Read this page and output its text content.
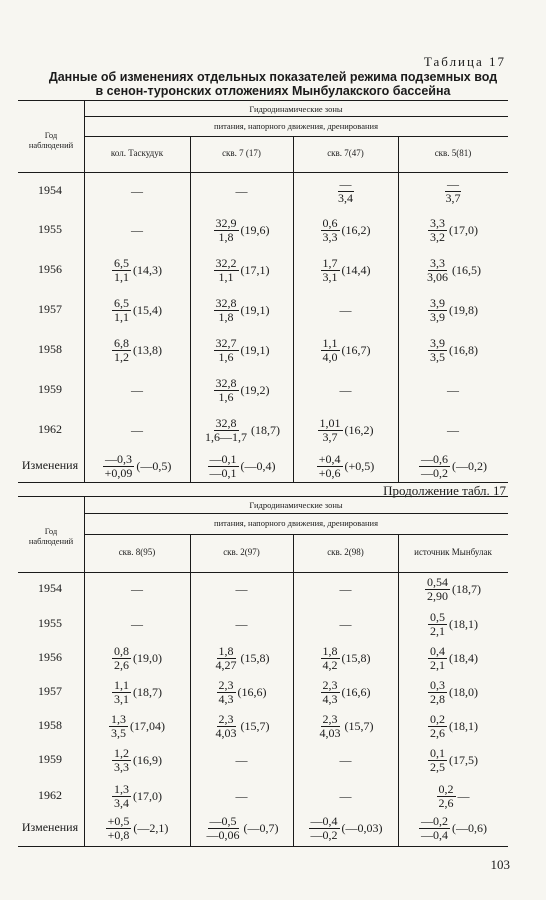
Таблица 17
Данные об изменениях отдельных показателей режима подземных вод
в сенон-туронских отложениях Мынбулакского бассейна
Продолжение табл. 17
103
Год
наблюдений
Гидродинамические зоны
питания, напорного движения, дренирования
кол. Таскудук	скв. 7 (17)	скв. 7(47)	скв. 5(81)
1954	—	—	$\frac{—}{3,4}$	$\frac{—}{3,7}$
1955	—	$\frac{32,9}{1,8} (19,6)$	$\frac{0,6}{3,3} (16,2)$	$\frac{3,3}{3,2} (17,0)$
1956	$\frac{6,5}{1,1} (14,3)$	$\frac{32,2}{1,1} (17,1)$	$\frac{1,7}{3,1} (14,4)$	$\frac{3,3}{3,06} (16,5)$
1957	$\frac{6,5}{1,1} (15,4)$	$\frac{32,8}{1,8} (19,1)$	—	$\frac{3,9}{3,9} (19,8)$
1958	$\frac{6,8}{1,2} (13,8)$	$\frac{32,7}{1,6} (19,1)$	$\frac{1,1}{4,0} (16,7)$	$\frac{3,9}{3,5} (16,8)$
1959	—	$\frac{32,8}{1,6} (19,2)$	—	—
1962	—	$\frac{32,8}{1,6—1,7} (18,7)$	$\frac{1,01}{3,7} (16,2)$	—
Изменения	$\frac{—0,3}{+0,09}$ (—0,5)	$\frac{—0,1}{—0,1}$ (—0,4)	$\frac{+0,4}{+0,6} (+0,5)$	$\frac{—0,6}{—0,2}$ (—0,2)
Год
наблюдений
Гидродинамические зоны
питания, напорного движения, дренирования
скв. 8(95)	скв. 2(97)	скв. 2(98)	источник Мынбулак
1954	—	—	—	$\frac{0,54}{2,90} (18,7)$
1955	—	—	—	$\frac{0,5}{2,1} (18,1)$
1956	$\frac{0,8}{2,6} (19,0)$	$\frac{1,8}{4,27} (15,8)$	$\frac{1,8}{4,2} (15,8)$	$\frac{0,4}{2,1} (18,4)$
1957	$\frac{1,1}{3,1} (18,7)$	$\frac{2,3}{4,3} (16,6)$	$\frac{2,3}{4,3} (16,6)$	$\frac{0,3}{2,8} (18,0)$
1958	$\frac{1,3}{3,5} (17,04)$	$\frac{2,3}{4,03} (15,7)$	$\frac{2,3}{4,03} (15,7)$	$\frac{0,2}{2,6} (18,1)$
1959	$\frac{1,2}{3,3} (16,9)$	—	—	$\frac{0,1}{2,5} (17,5)$
1962	$\frac{1,3}{3,4} (17,0)$	—	—	$\frac{0,2}{2,6}$ —
Изменения	$\frac{+0,5}{+0,8}$ (—2,1)	$\frac{—0,5}{—0,06}$ (—0,7)	$\frac{—0,4}{—0,2}$ (—0,03)	$\frac{—0,2}{—0,4}$ (—0,6)
